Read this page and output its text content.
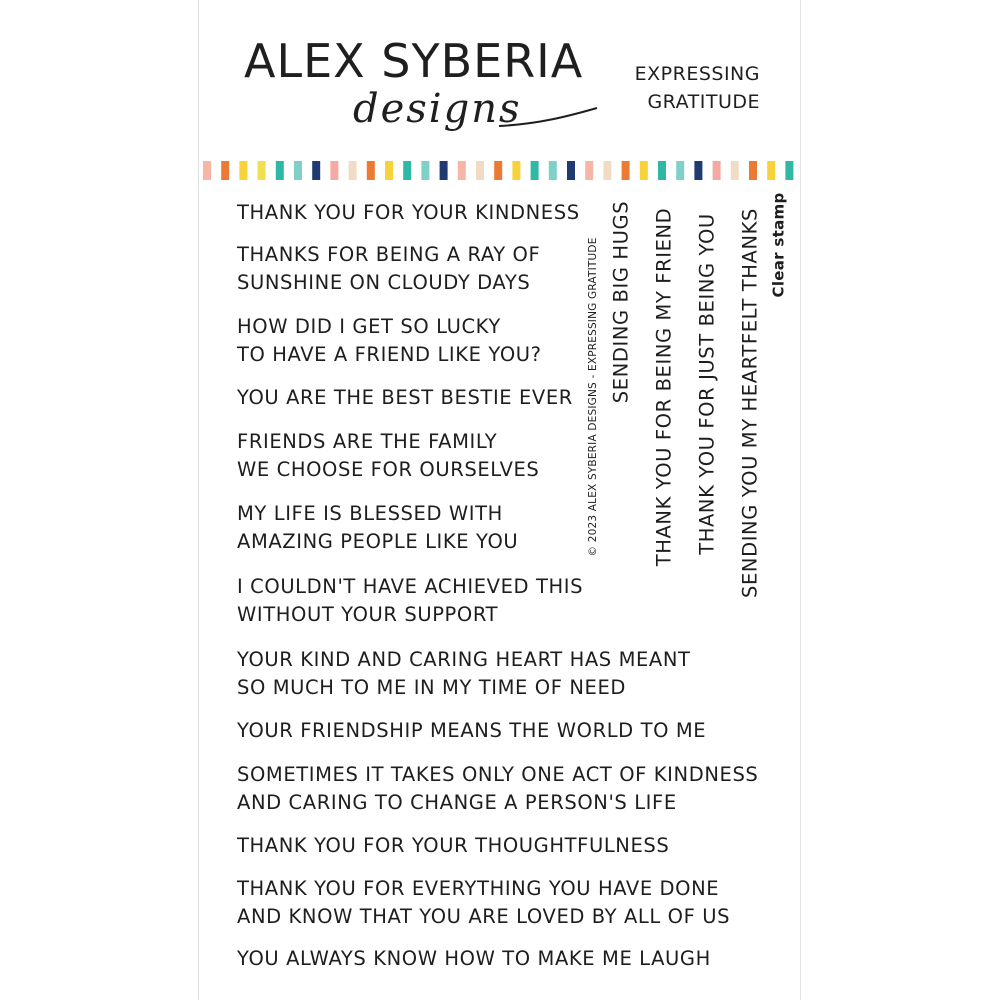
ALEX SYBERIA
designs
EXPRESSING
GRATITUDE
THANK YOU FOR YOUR KINDNESS
THANKS FOR BEING A RAY OF
SUNSHINE ON CLOUDY DAYS
HOW DID I GET SO LUCKY
TO HAVE A FRIEND LIKE YOU?
YOU ARE THE BEST BESTIE EVER
FRIENDS ARE THE FAMILY
WE CHOOSE FOR OURSELVES
MY LIFE IS BLESSED WITH
AMAZING PEOPLE LIKE YOU
I COULDN'T HAVE ACHIEVED THIS
WITHOUT YOUR SUPPORT
YOUR KIND AND CARING HEART HAS MEANT
SO MUCH TO ME IN MY TIME OF NEED
YOUR FRIENDSHIP MEANS THE WORLD TO ME
SOMETIMES IT TAKES ONLY ONE ACT OF KINDNESS
AND CARING TO CHANGE A PERSON'S LIFE
THANK YOU FOR YOUR THOUGHTFULNESS
THANK YOU FOR EVERYTHING YOU HAVE DONE
AND KNOW THAT YOU ARE LOVED BY ALL OF US
YOU ALWAYS KNOW HOW TO MAKE ME LAUGH
© 2023 ALEX SYBERIA DESIGNS - EXPRESSING GRATITUDE SENDING BIG HUGS THANK YOU FOR BEING MY FRIEND THANK YOU FOR JUST BEING YOU SENDING YOU MY HEARTFELT THANKS Clear stamp
